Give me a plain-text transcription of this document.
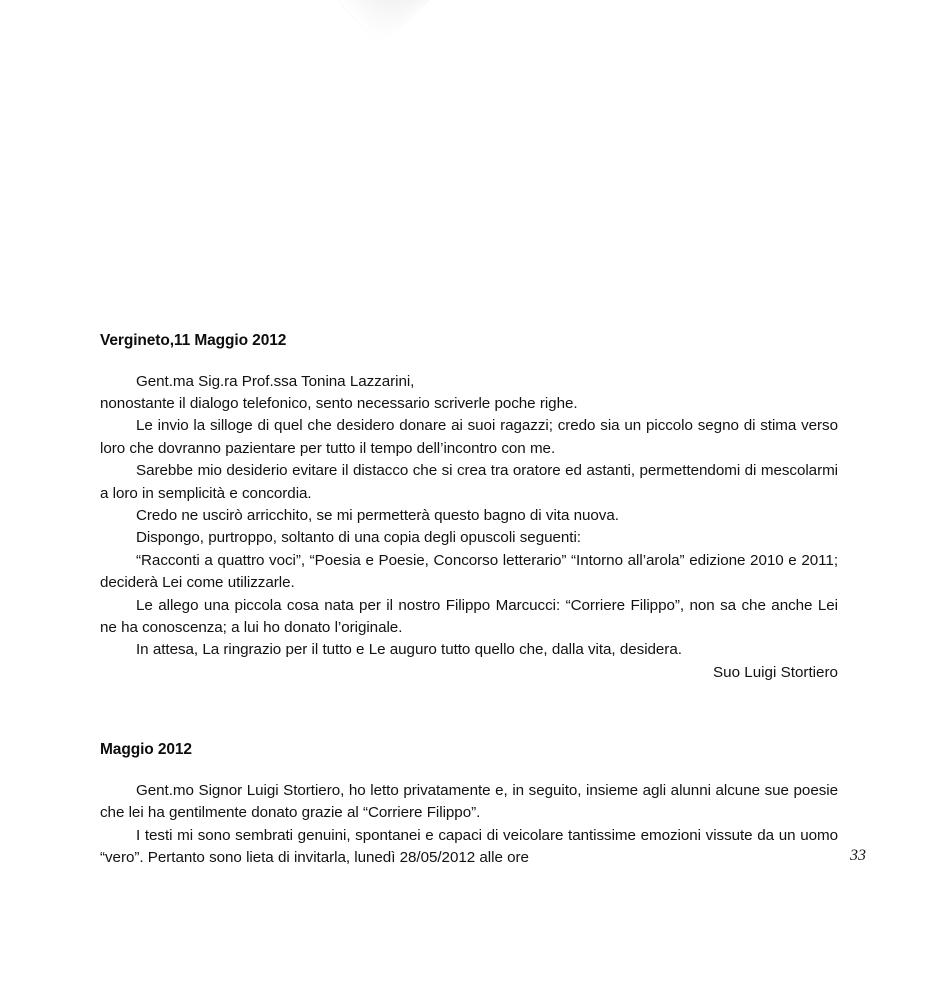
Vergineto,11 Maggio 2012

Gent.ma Sig.ra Prof.ssa Tonina Lazzarini,

nonostante il dialogo telefonico, sento necessario scriverle poche righe.

Le invio la silloge di quel che desidero donare ai suoi ragazzi; credo sia un piccolo segno di stima verso loro che dovranno pazientare per tutto il tempo dell’incontro con me.

Sarebbe mio desiderio evitare il distacco che si crea tra oratore ed astanti, permettendomi di mescolarmi a loro in semplicità e concordia.

Credo ne uscirò arricchito, se mi permetterà questo bagno di vita nuova.

Dispongo, purtroppo, soltanto di una copia degli opuscoli seguenti:

“Racconti a quattro voci”, “Poesia e Poesie, Concorso letterario” “Intorno all’arola” edizione 2010 e 2011; deciderà Lei come utilizzarle.

Le allego una piccola cosa nata per il nostro Filippo Marcucci: “Corriere Filippo”, non sa che anche Lei ne ha conoscenza; a lui ho donato l’originale.

In attesa, La ringrazio per il tutto e Le auguro tutto quello che, dalla vita, desidera.

Suo Luigi Stortiero

Maggio 2012

Gent.mo Signor Luigi Stortiero, ho letto privatamente e, in seguito, insieme agli alunni alcune sue poesie che lei ha gentilmente donato grazie al “Corriere Filippo”.

I testi mi sono sembrati genuini, spontanei e capaci di veicolare tantissime emozioni vissute da un uomo “vero”. Pertanto sono lieta di invitarla, lunedì 28/05/2012 alle ore	33
